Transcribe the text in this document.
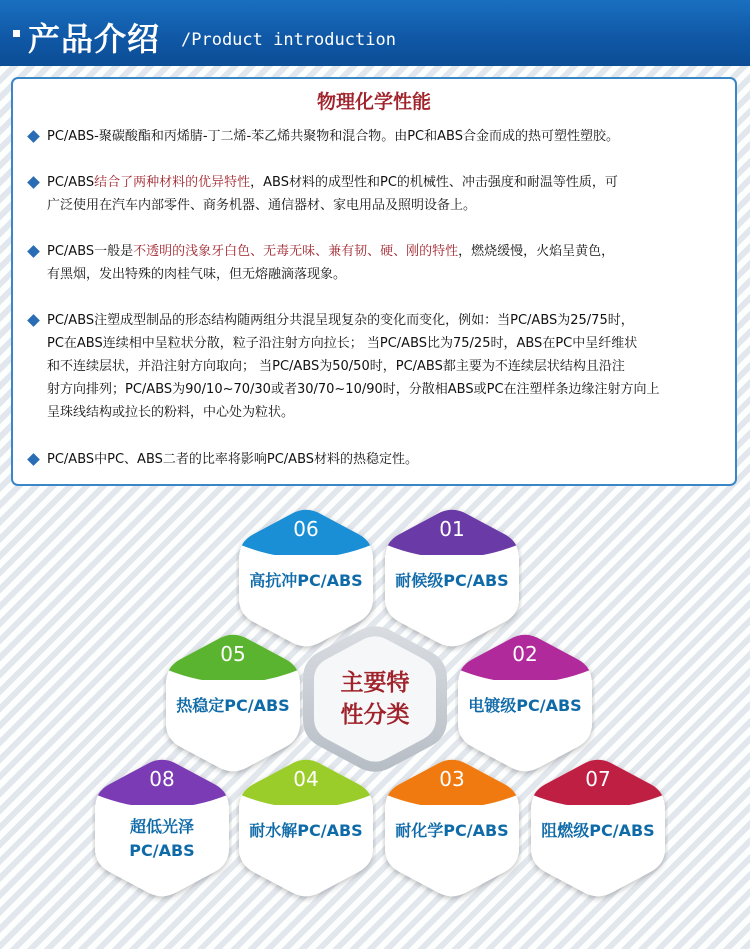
产品介绍 /Product introduction
物理化学性能
PC/ABS-聚碳酸酯和丙烯腈-丁二烯-苯乙烯共聚物和混合物。由PC和ABS合金而成的热可塑性塑胶。
PC/ABS结合了两种材料的优异特性，ABS材料的成型性和PC的机械性、冲击强度和耐温等性质，可
广泛使用在汽车内部零件、商务机器、通信器材、家电用品及照明设备上。
PC/ABS一般是不透明的浅象牙白色、无毒无味、兼有韧、硬、刚的特性，燃烧缓慢，火焰呈黄色，
有黑烟，发出特殊的肉桂气味，但无熔融滴落现象。
PC/ABS注塑成型制品的形态结构随两组分共混呈现复杂的变化而变化，例如：当PC/ABS为25/75时，
PC在ABS连续相中呈粒状分散，粒子沿注射方向拉长； 当PC/ABS比为75/25时，ABS在PC中呈纤维状
和不连续层状，并沿注射方向取向； 当PC/ABS为50/50时，PC/ABS都主要为不连续层状结构且沿注
射方向排列；PC/ABS为90/10~70/30或者30/70~10/90时，分散相ABS或PC在注塑样条边缘注射方向上
呈珠线结构或拉长的粉料，中心处为粒状。
PC/ABS中PC、ABS二者的比率将影响PC/ABS材料的热稳定性。
06
高抗冲PC/ABS
01
耐候级PC/ABS
05
热稳定PC/ABS
02
电镀级PC/ABS
08
超低光泽
PC/ABS
04
耐水解PC/ABS
03
耐化学PC/ABS
07
阻燃级PC/ABS
主要特
性分类
